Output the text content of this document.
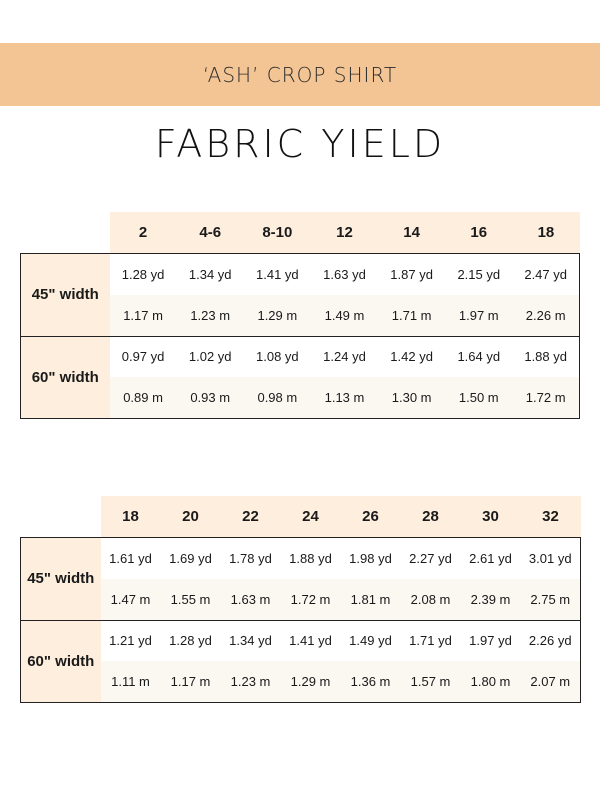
‘ASH’ CROP SHIRT
FABRIC YIELD
	2	4-6	8-10	12	14	16	18
45" width	1.28 yd	1.34 yd	1.41 yd	1.63 yd	1.87 yd	2.15 yd	2.47 yd
	1.17 m	1.23 m	1.29 m	1.49 m	1.71 m	1.97 m	2.26 m
60" width	0.97 yd	1.02 yd	1.08 yd	1.24 yd	1.42 yd	1.64 yd	1.88 yd
	0.89 m	0.93 m	0.98 m	1.13 m	1.30 m	1.50 m	1.72 m
	18	20	22	24	26	28	30	32
45" width	1.61 yd	1.69 yd	1.78 yd	1.88 yd	1.98 yd	2.27 yd	2.61 yd	3.01 yd
	1.47 m	1.55 m	1.63 m	1.72 m	1.81 m	2.08 m	2.39 m	2.75 m
60" width	1.21 yd	1.28 yd	1.34 yd	1.41 yd	1.49 yd	1.71 yd	1.97 yd	2.26 yd
	1.11 m	1.17 m	1.23 m	1.29 m	1.36 m	1.57 m	1.80 m	2.07 m
